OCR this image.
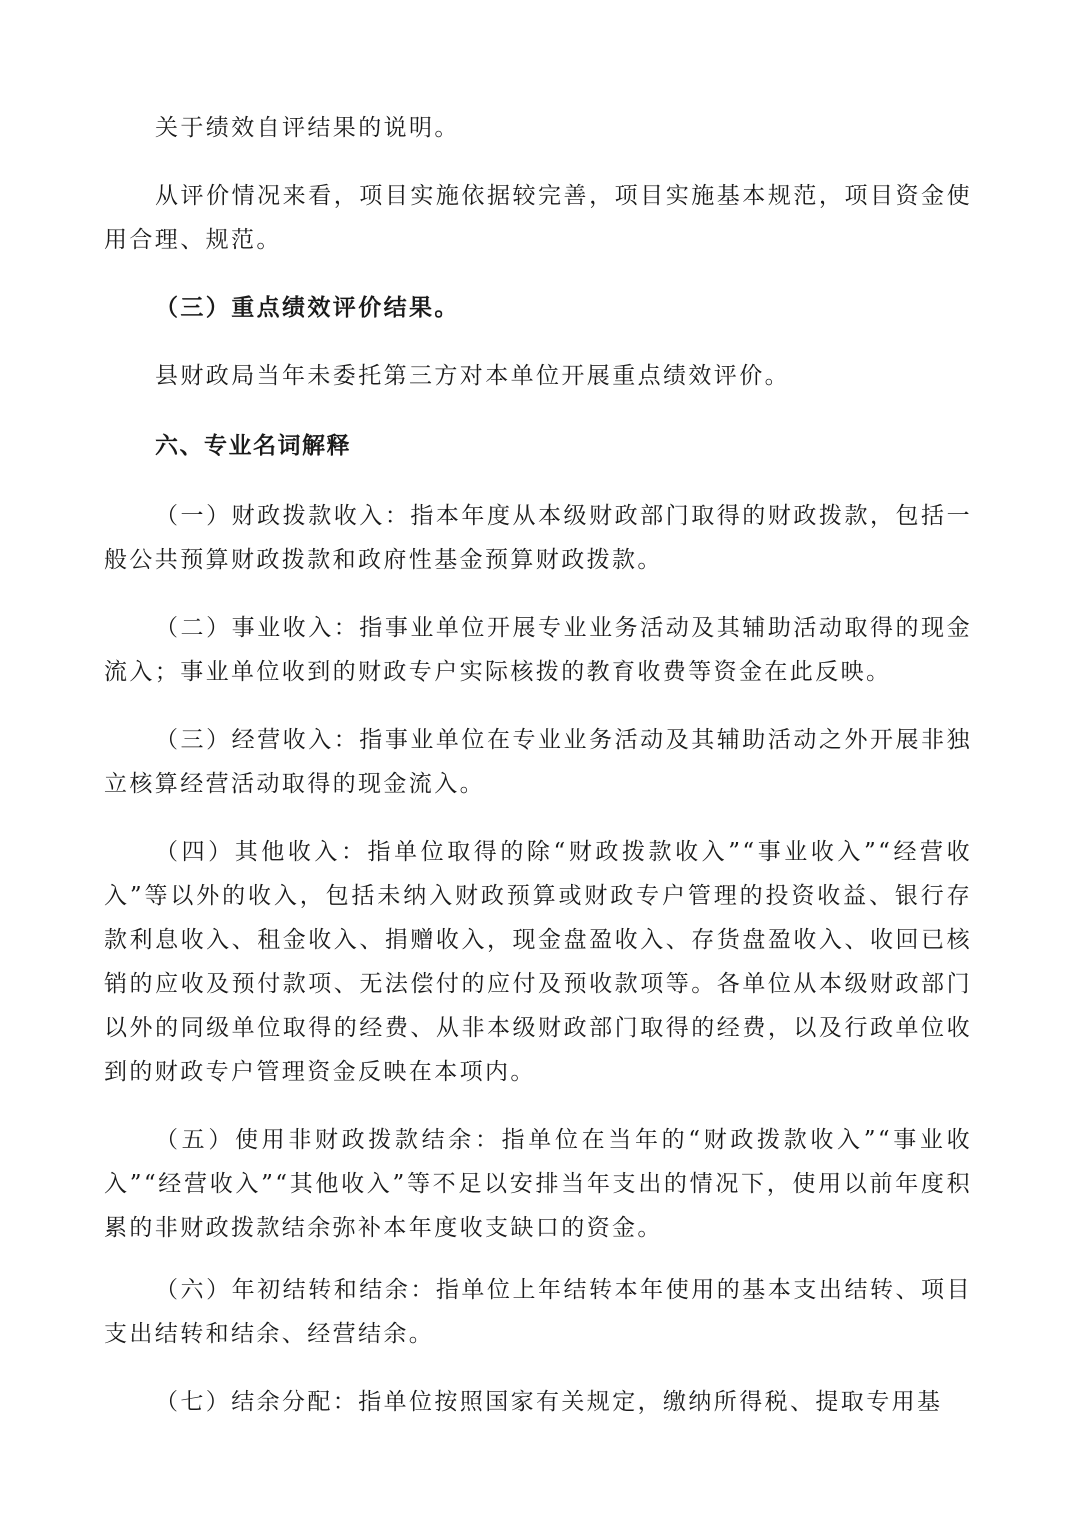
关于绩效自评结果的说明。

从评价情况来看，项目实施依据较完善，项目实施基本规范，项目资金使用合理、规范。

（三）重点绩效评价结果。

县财政局当年未委托第三方对本单位开展重点绩效评价。

六、专业名词解释

（一）财政拨款收入：指本年度从本级财政部门取得的财政拨款，包括一般公共预算财政拨款和政府性基金预算财政拨款。

（二）事业收入：指事业单位开展专业业务活动及其辅助活动取得的现金流入；事业单位收到的财政专户实际核拨的教育收费等资金在此反映。

（三）经营收入：指事业单位在专业业务活动及其辅助活动之外开展非独立核算经营活动取得的现金流入。

（四）其他收入：指单位取得的除“财政拨款收入”“事业收入”“经营收入”等以外的收入，包括未纳入财政预算或财政专户管理的投资收益、银行存款利息收入、租金收入、捐赠收入，现金盘盈收入、存货盘盈收入、收回已核销的应收及预付款项、无法偿付的应付及预收款项等。各单位从本级财政部门以外的同级单位取得的经费、从非本级财政部门取得的经费，以及行政单位收到的财政专户管理资金反映在本项内。

（五）使用非财政拨款结余：指单位在当年的“财政拨款收入”“事业收入”“经营收入”“其他收入”等不足以安排当年支出的情况下，使用以前年度积累的非财政拨款结余弥补本年度收支缺口的资金。

（六）年初结转和结余：指单位上年结转本年使用的基本支出结转、项目支出结转和结余、经营结余。

（七）结余分配：指单位按照国家有关规定，缴纳所得税、提取专用基
